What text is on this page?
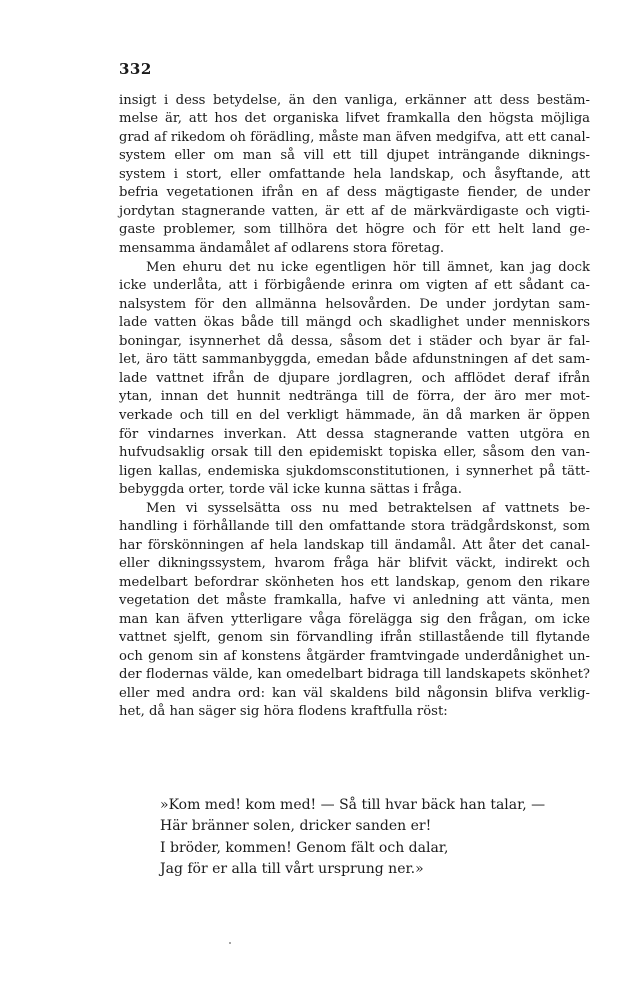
332
insigt i dess betydelse, än den vanliga, erkänner att dess bestäm-
melse är, att hos det organiska lifvet framkalla den högsta möjliga
grad af rikedom oh förädling, måste man äfven medgifva, att ett canal-
system eller om man så vill ett till djupet inträngande diknings-
system i stort, eller omfattande hela landskap, och åsyftande, att
befria vegetationen ifrån en af dess mägtigaste fiender, de under
jordytan stagnerande vatten, är ett af de märkvärdigaste och vigti-
gaste problemer, som tillhöra det högre och för ett helt land ge-
mensamma ändamålet af odlarens stora företag.
Men ehuru det nu icke egentligen hör till ämnet, kan jag dock
icke underlåta, att i förbigående erinra om vigten af ett sådant ca-
nalsystem för den allmänna helsovården. De under jordytan sam-
lade vatten ökas både till mängd och skadlighet under menniskors
boningar, isynnerhet då dessa, såsom det i städer och byar är fal-
let, äro tätt sammanbyggda, emedan både afdunstningen af det sam-
lade vattnet ifrån de djupare jordlagren, och afflödet deraf ifrån
ytan, innan det hunnit nedtränga till de förra, der äro mer mot-
verkade och till en del verkligt hämmade, än då marken är öppen
för vindarnes inverkan. Att dessa stagnerande vatten utgöra en
hufvudsaklig orsak till den epidemiskt topiska eller, såsom den van-
ligen kallas, endemiska sjukdomsconstitutionen, i synnerhet på tätt-
bebyggda orter, torde väl icke kunna sättas i fråga.
Men vi sysselsätta oss nu med betraktelsen af vattnets be-
handling i förhållande till den omfattande stora trädgårdskonst, som
har förskönningen af hela landskap till ändamål. Att åter det canal-
eller dikningssystem, hvarom fråga här blifvit väckt, indirekt och
medelbart befordrar skönheten hos ett landskap, genom den rikare
vegetation det måste framkalla, hafve vi anledning att vänta, men
man kan äfven ytterligare våga förelägga sig den frågan, om icke
vattnet sjelft, genom sin förvandling ifrån stillastående till flytande
och genom sin af konstens åtgärder framtvingade underdånighet un-
der flodernas välde, kan omedelbart bidraga till landskapets skönhet?
eller med andra ord: kan väl skaldens bild någonsin blifva verklig-
het, då han säger sig höra flodens kraftfulla röst:
»Kom med! kom med! — Så till hvar bäck han talar, —
Här bränner solen, dricker sanden er!
I bröder, kommen! Genom fält och dalar,
Jag för er alla till vårt ursprung ner.»
